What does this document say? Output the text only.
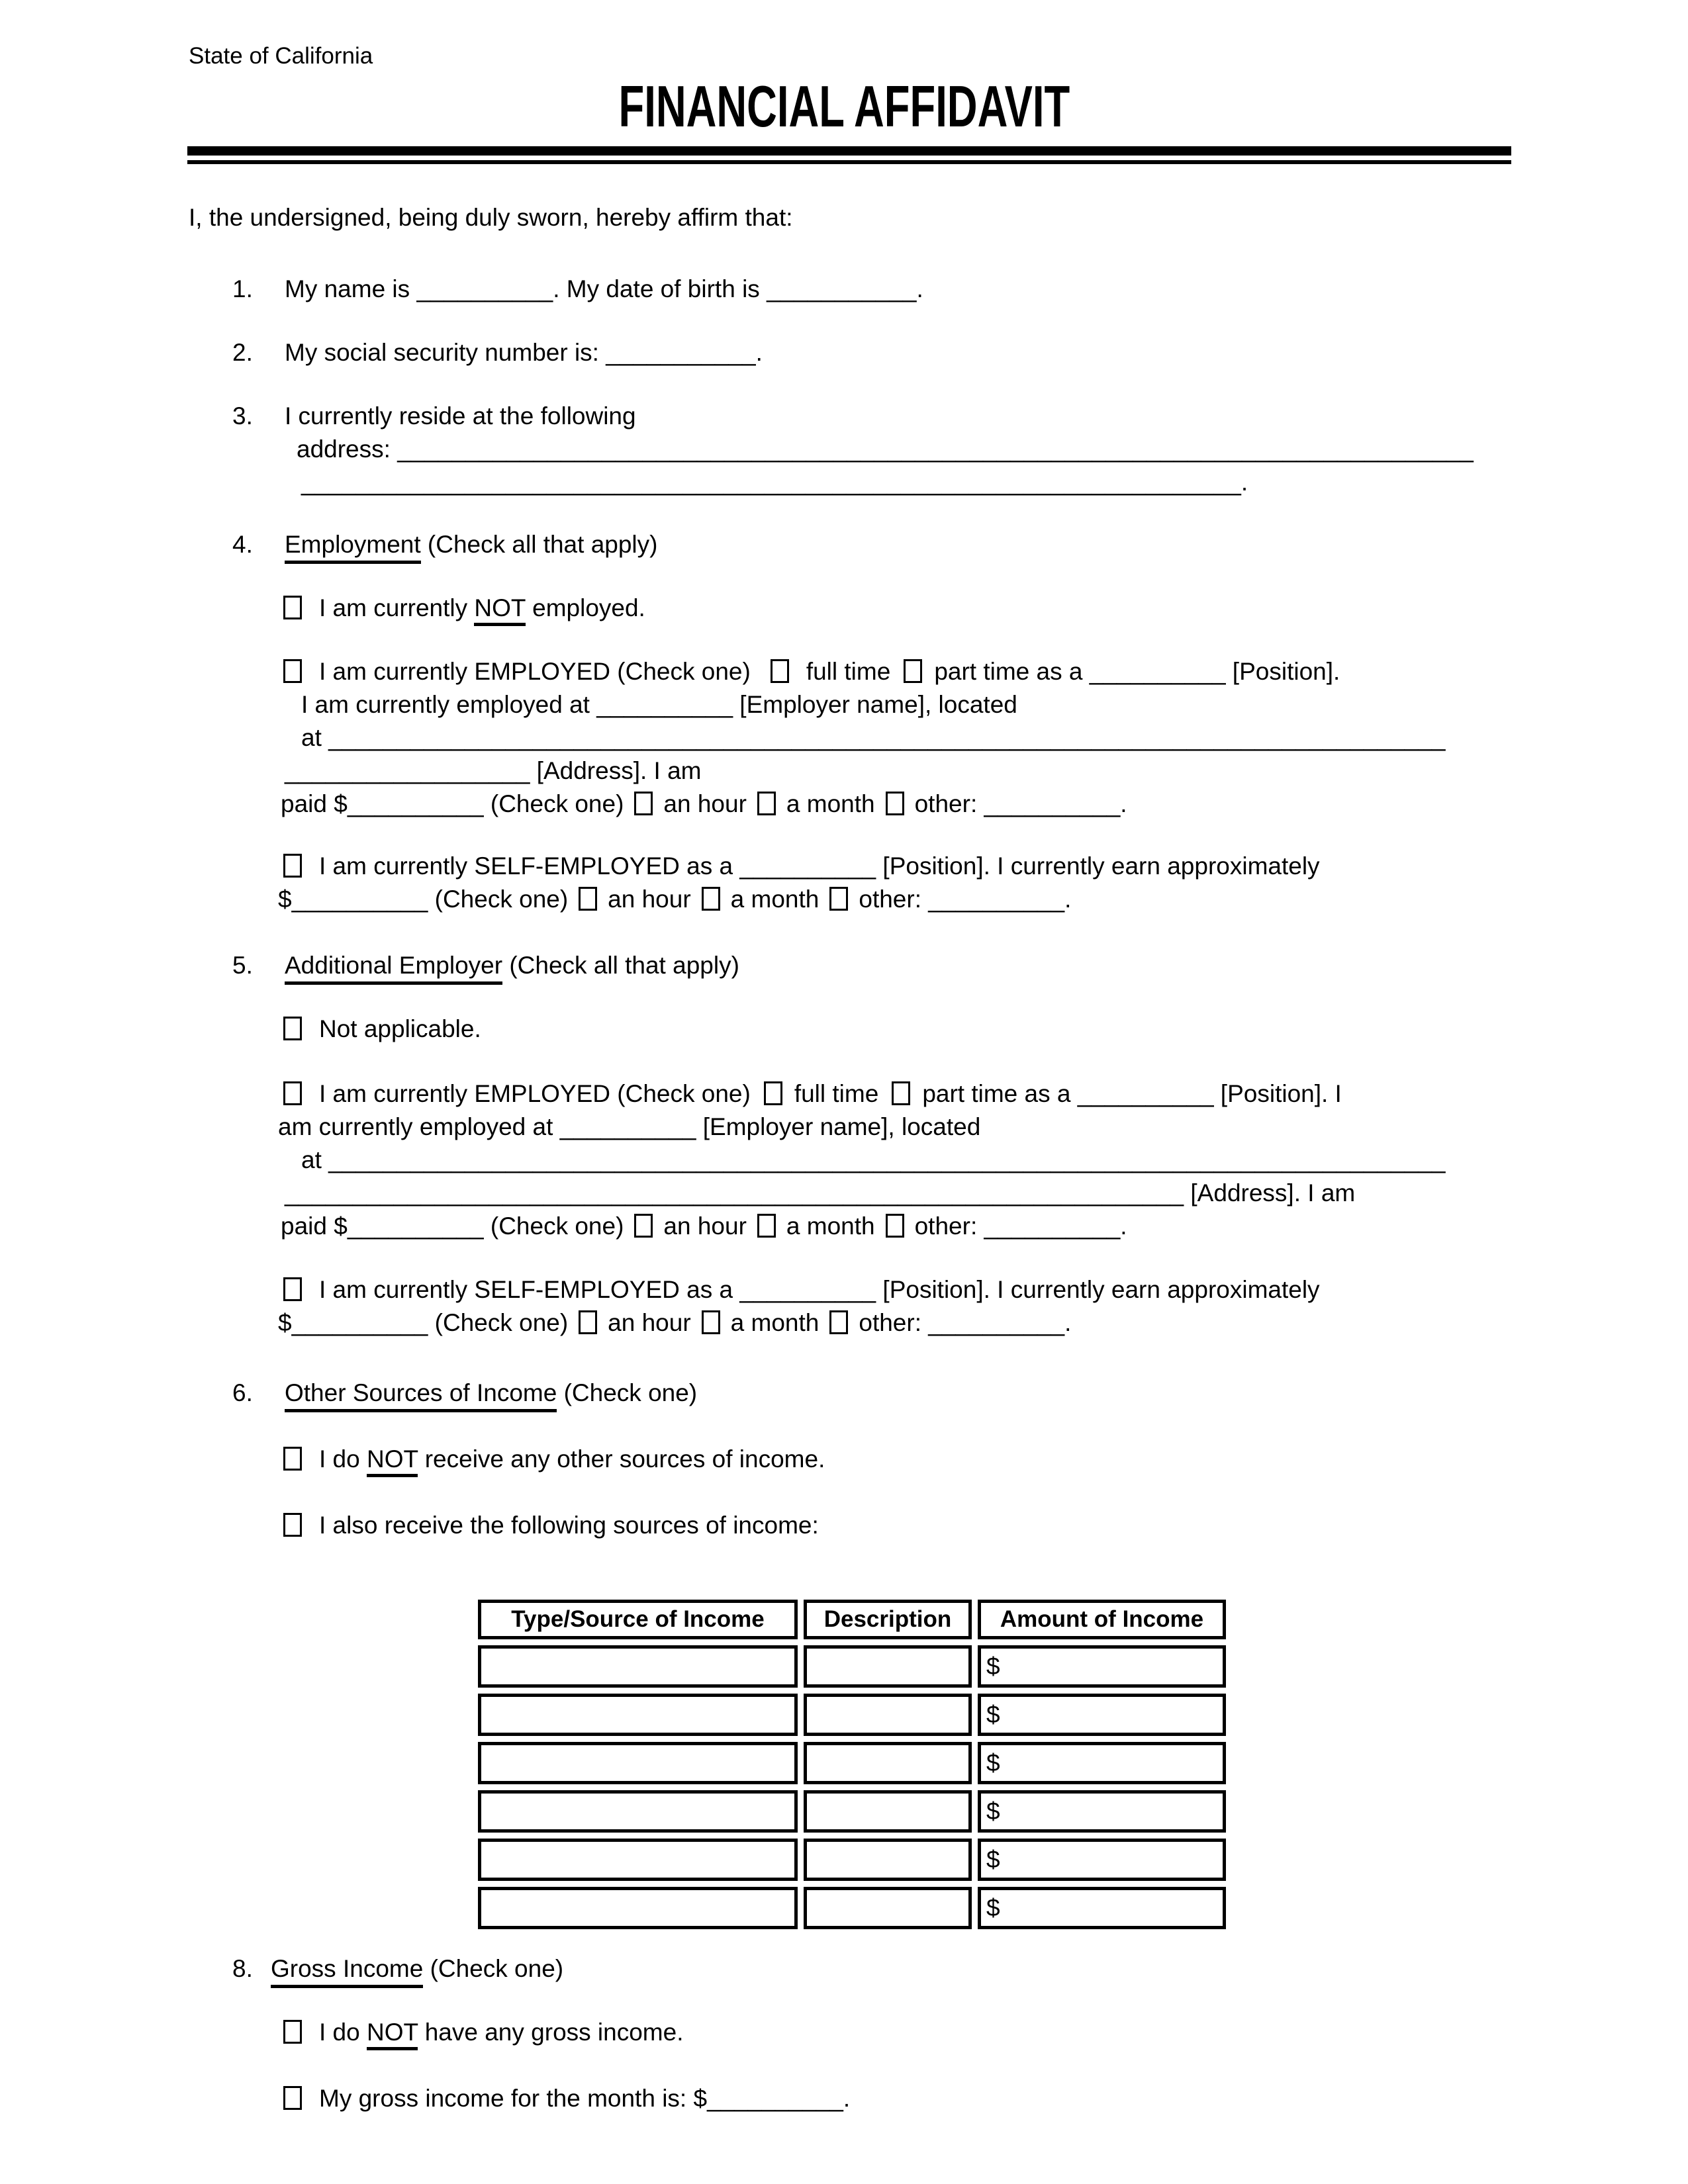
State of California
FINANCIAL AFFIDAVIT
I, the undersigned, being duly sworn, hereby affirm that:
1. My name is __________. My date of birth is ___________.
2. My social security number is: ___________.
3. I currently reside at the following
address: _______________________________________________________________________________
_____________________________________________________________________.
4. Employment (Check all that apply)
I am currently NOT employed.
I am currently EMPLOYED (Check one) full time part time as a __________ [Position].
I am currently employed at __________ [Employer name], located
at __________________________________________________________________________________
__________________ [Address]. I am
paid $__________ (Check one) an hour a month other: __________.
I am currently SELF-EMPLOYED as a __________ [Position]. I currently earn approximately
$__________ (Check one) an hour a month other: __________.
5. Additional Employer (Check all that apply)
Not applicable.
I am currently EMPLOYED (Check one) full time part time as a __________ [Position]. I
am currently employed at __________ [Employer name], located
at __________________________________________________________________________________
__________________________________________________________________ [Address]. I am
paid $__________ (Check one) an hour a month other: __________.
I am currently SELF-EMPLOYED as a __________ [Position]. I currently earn approximately
$__________ (Check one) an hour a month other: __________.
6. Other Sources of Income (Check one)
I do NOT receive any other sources of income.
I also receive the following sources of income:
Type/Source of Income	Description	Amount of Income
		$
		$
		$
		$
		$
		$
8. Gross Income (Check one)
I do NOT have any gross income.
My gross income for the month is: $__________.
